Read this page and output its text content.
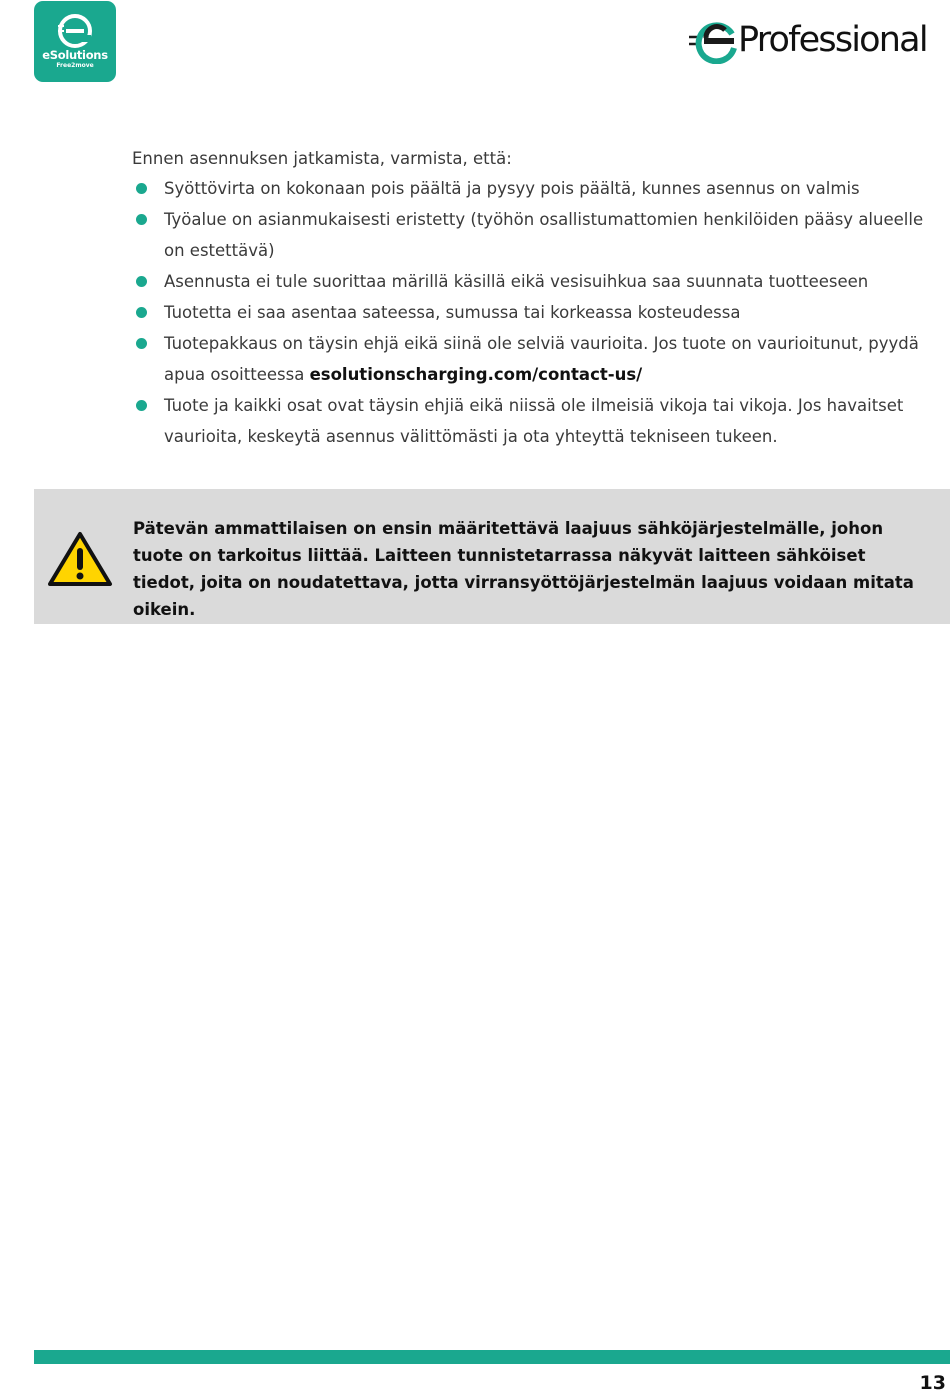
eSolutions
Free2move
Professional
Ennen asennuksen jatkamista, varmista, että:
Syöttövirta on kokonaan pois päältä ja pysyy pois päältä, kunnes asennus on valmis
Työalue on asianmukaisesti eristetty (työhön osallistumattomien henkilöiden pääsy alueelle on estettävä)
Asennusta ei tule suorittaa märillä käsillä eikä vesisuihkua saa suunnata tuotteeseen
Tuotetta ei saa asentaa sateessa, sumussa tai korkeassa kosteudessa
Tuotepakkaus on täysin ehjä eikä siinä ole selviä vaurioita. Jos tuote on vaurioitunut, pyydä apua osoitteessa esolutionscharging.com/contact-us/
Tuote ja kaikki osat ovat täysin ehjiä eikä niissä ole ilmeisiä vikoja tai vikoja. Jos havaitset vaurioita, keskeytä asennus välittömästi ja ota yhteyttä tekniseen tukeen.
Pätevän ammattilaisen on ensin määritettävä laajuus sähköjärjestelmälle, johon tuote on tarkoitus liittää. Laitteen tunnistetarrassa näkyvät laitteen sähköiset tiedot, joita on noudatettava, jotta virransyöttöjärjestelmän laajuus voidaan mitata oikein.
13
